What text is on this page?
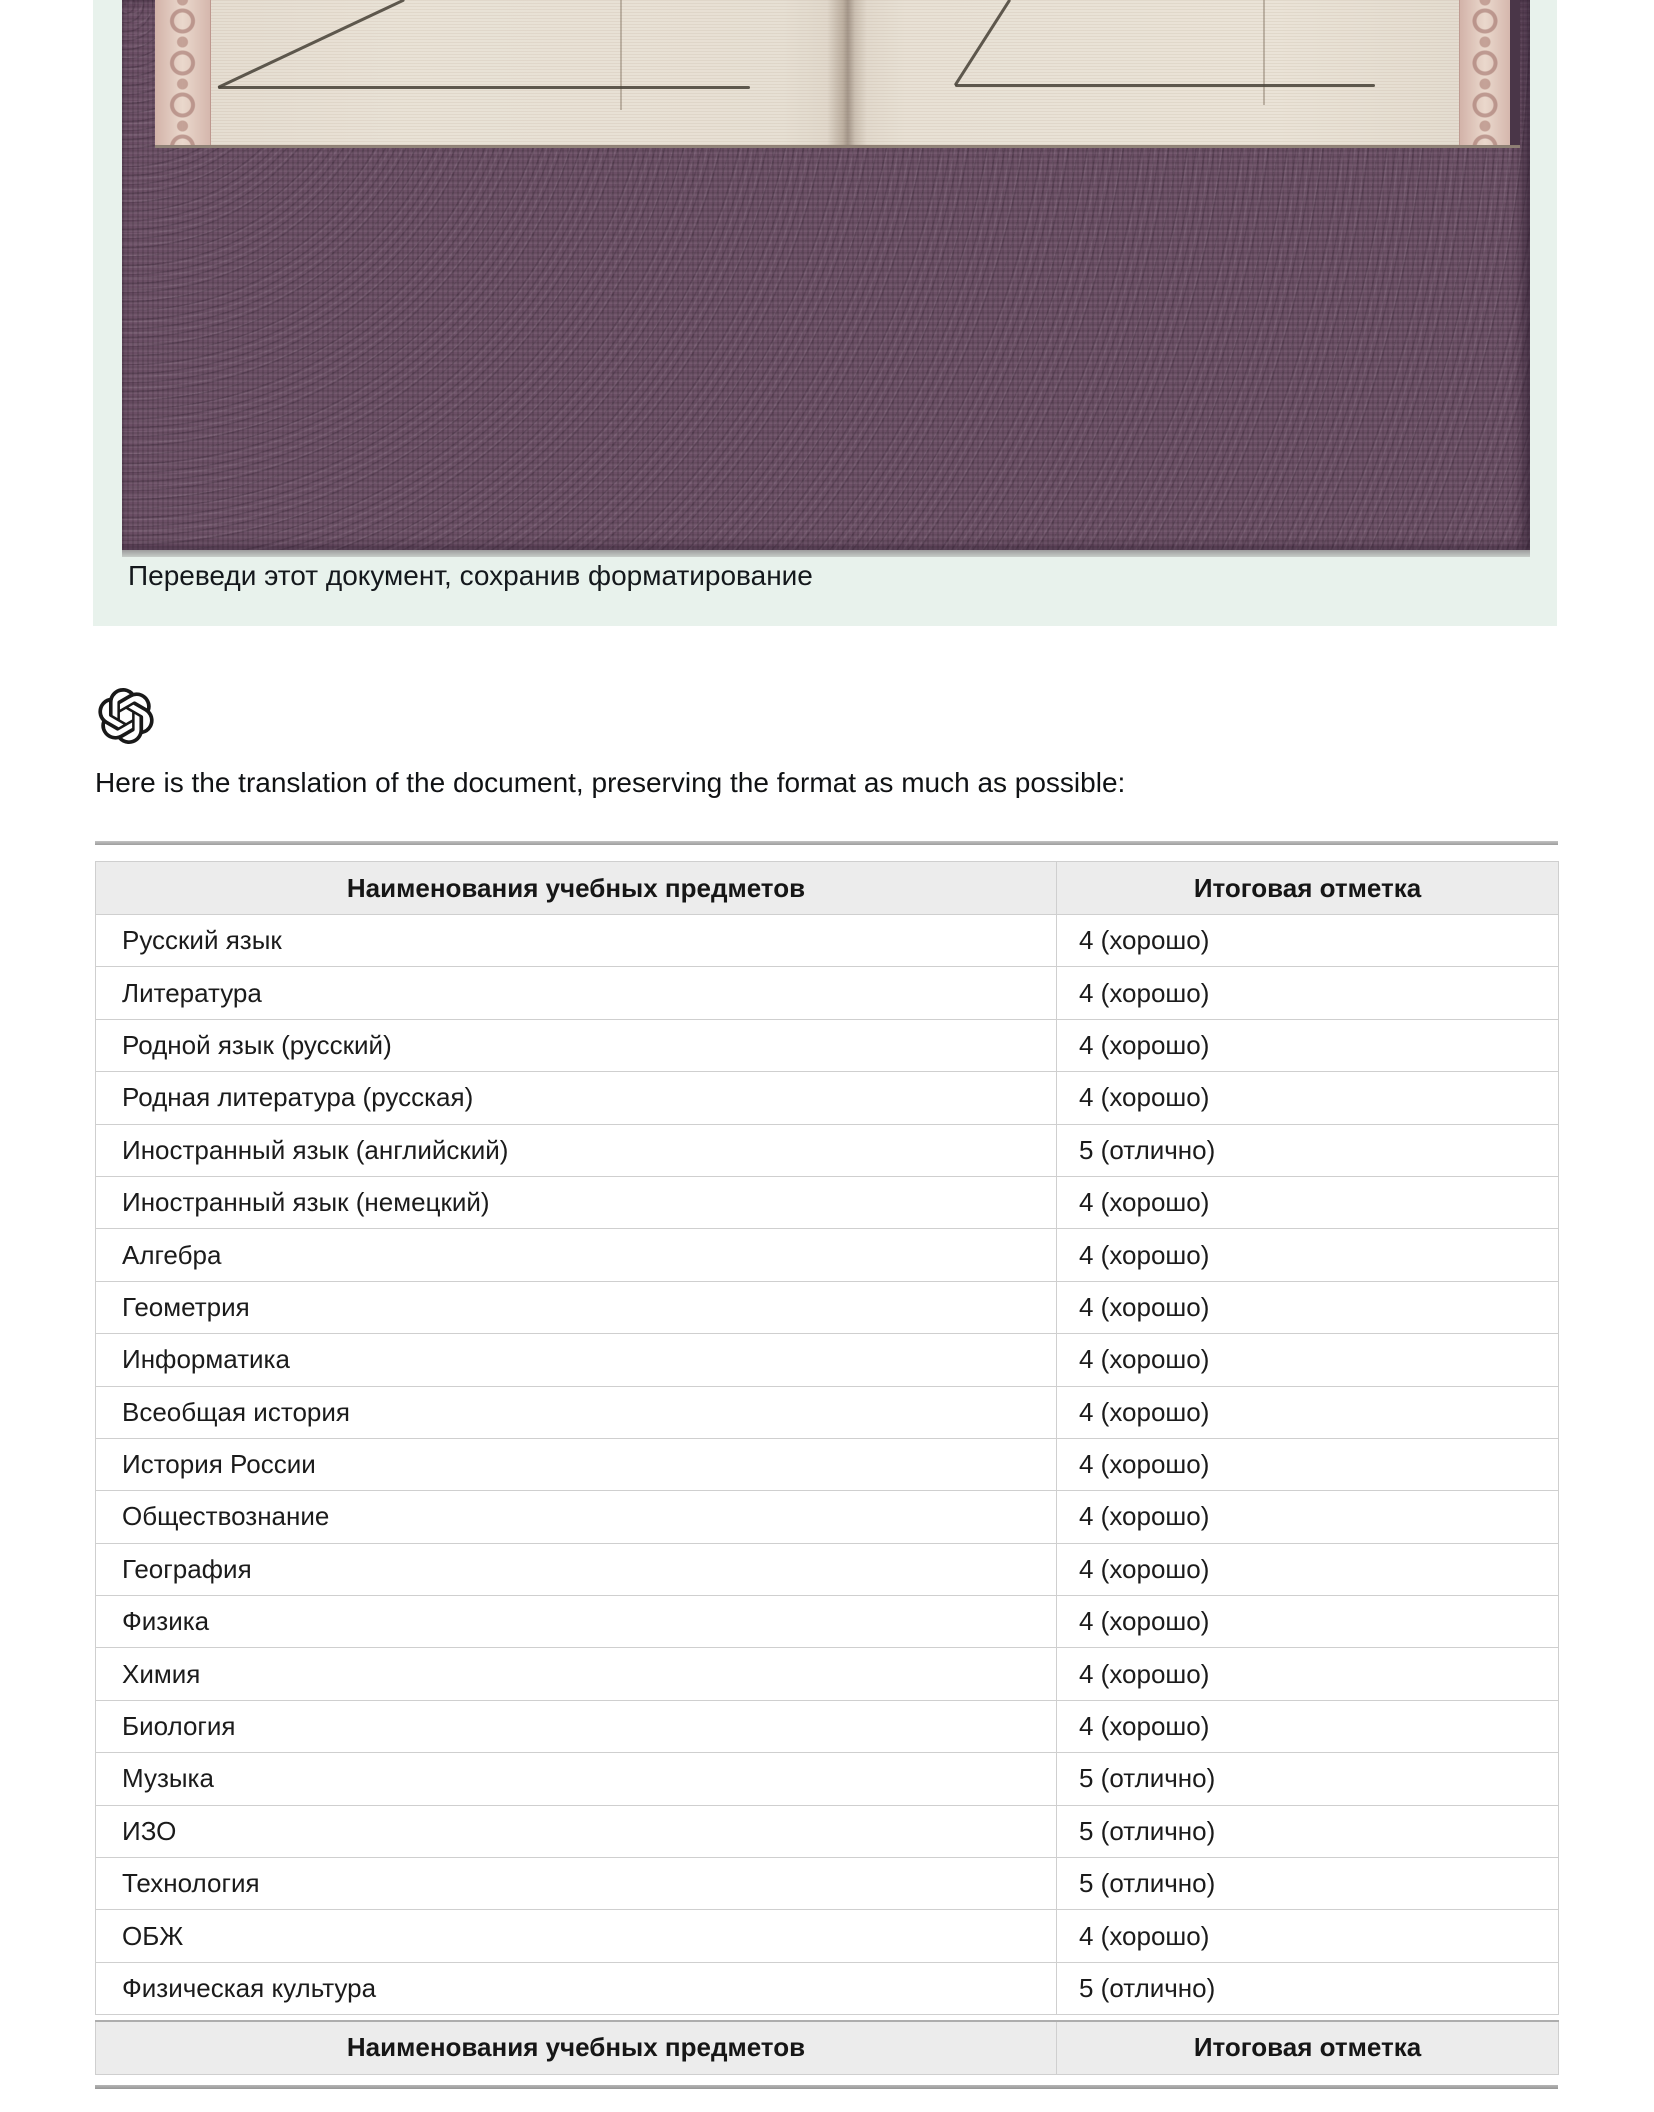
Переведи этот документ, сохранив форматирование
Here is the translation of the document, preserving the format as much as possible:
Наименования учебных предметов	Итоговая отметка
Русский язык	4 (хорошо)
Литература	4 (хорошо)
Родной язык (русский)	4 (хорошо)
Родная литература (русская)	4 (хорошо)
Иностранный язык (английский)	5 (отлично)
Иностранный язык (немецкий)	4 (хорошо)
Алгебра	4 (хорошо)
Геометрия	4 (хорошо)
Информатика	4 (хорошо)
Всеобщая история	4 (хорошо)
История России	4 (хорошо)
Обществознание	4 (хорошо)
География	4 (хорошо)
Физика	4 (хорошо)
Химия	4 (хорошо)
Биология	4 (хорошо)
Музыка	5 (отлично)
ИЗО	5 (отлично)
Технология	5 (отлично)
ОБЖ	4 (хорошо)
Физическая культура	5 (отлично)
Наименования учебных предметов	Итоговая отметка
